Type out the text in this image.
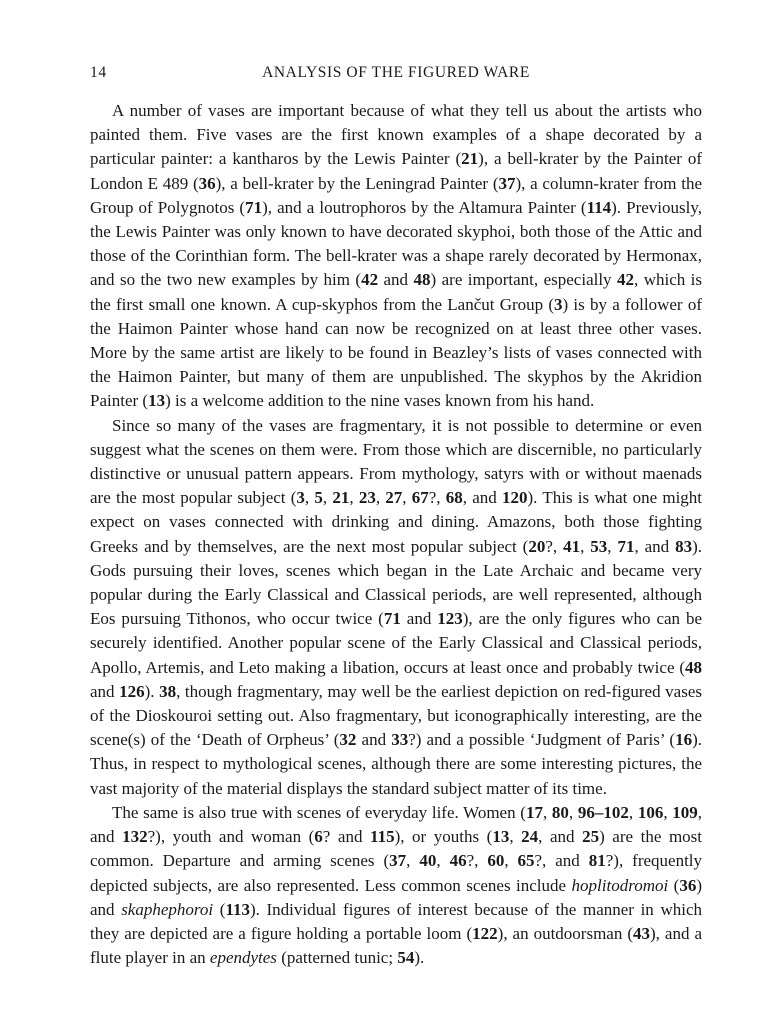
14	ANALYSIS OF THE FIGURED WARE

A number of vases are important because of what they tell us about the artists who painted them. Five vases are the first known examples of a shape decorated by a particular painter: a kantharos by the Lewis Painter (21), a bell-krater by the Painter of London E 489 (36), a bell-krater by the Leningrad Painter (37), a column-krater from the Group of Polygnotos (71), and a loutrophoros by the Altamura Painter (114). Previously, the Lewis Painter was only known to have decorated skyphoi, both those of the Attic and those of the Corinthian form. The bell-krater was a shape rarely decorated by Hermonax, and so the two new examples by him (42 and 48) are important, especially 42, which is the first small one known. A cup-skyphos from the Lančut Group (3) is by a follower of the Haimon Painter whose hand can now be recognized on at least three other vases. More by the same artist are likely to be found in Beazley’s lists of vases connected with the Haimon Painter, but many of them are unpublished. The skyphos by the Akridion Painter (13) is a welcome addition to the nine vases known from his hand.

Since so many of the vases are fragmentary, it is not possible to determine or even suggest what the scenes on them were. From those which are discernible, no particularly distinctive or unusual pattern appears. From mythology, satyrs with or without maenads are the most popular subject (3, 5, 21, 23, 27, 67?, 68, and 120). This is what one might expect on vases connected with drinking and dining. Amazons, both those fighting Greeks and by themselves, are the next most popular subject (20?, 41, 53, 71, and 83). Gods pursuing their loves, scenes which began in the Late Archaic and became very popular during the Early Classical and Classical periods, are well represented, although Eos pursuing Tithonos, who occur twice (71 and 123), are the only figures who can be securely identified. Another popular scene of the Early Classical and Classical periods, Apollo, Artemis, and Leto making a libation, occurs at least once and probably twice (48 and 126). 38, though fragmentary, may well be the earliest depiction on red-figured vases of the Dioskouroi setting out. Also fragmentary, but iconographically interesting, are the scene(s) of the ‘Death of Orpheus’ (32 and 33?) and a possible ‘Judgment of Paris’ (16). Thus, in respect to mythological scenes, although there are some interesting pictures, the vast majority of the material displays the standard subject matter of its time.

The same is also true with scenes of everyday life. Women (17, 80, 96–102, 106, 109, and 132?), youth and woman (6? and 115), or youths (13, 24, and 25) are the most common. Departure and arming scenes (37, 40, 46?, 60, 65?, and 81?), frequently depicted subjects, are also represented. Less common scenes include hoplitodromoi (36) and skaphephoroi (113). Individual figures of interest because of the manner in which they are depicted are a figure holding a portable loom (122), an outdoorsman (43), and a flute player in an ependytes (patterned tunic; 54).
